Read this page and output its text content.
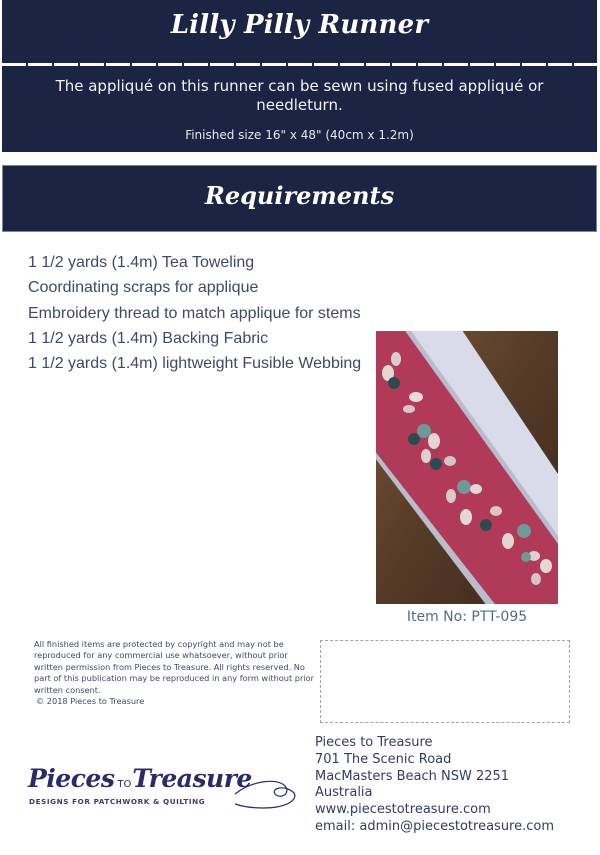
Lilly Pilly Runner

The appliqué on this runner can be sewn using fused appliqué or needleturn.

Finished size 16" x 48" (40cm x 1.2m)

Requirements
1 1/2 yards (1.4m) Tea Toweling
Coordinating scraps for applique
Embroidery thread to match applique for stems
1 1/2 yards (1.4m) Backing Fabric
1 1/2 yards (1.4m) lightweight Fusible Webbing
Item No: PTT-095
All finished items are protected by copyright and may not be reproduced for any commercial use whatsoever, without prior written permission from Pieces to Treasure. All rights reserved. No part of this publication may be reproduced in any form without prior written consent.
© 2018 Pieces to Treasure
Pieces TOTreasure
DESIGNS FOR PATCHWORK & QUILTING
Pieces to Treasure
701 The Scenic Road
MacMasters Beach NSW 2251
Australia
www.piecestotreasure.com
email: admin@piecestotreasure.com
